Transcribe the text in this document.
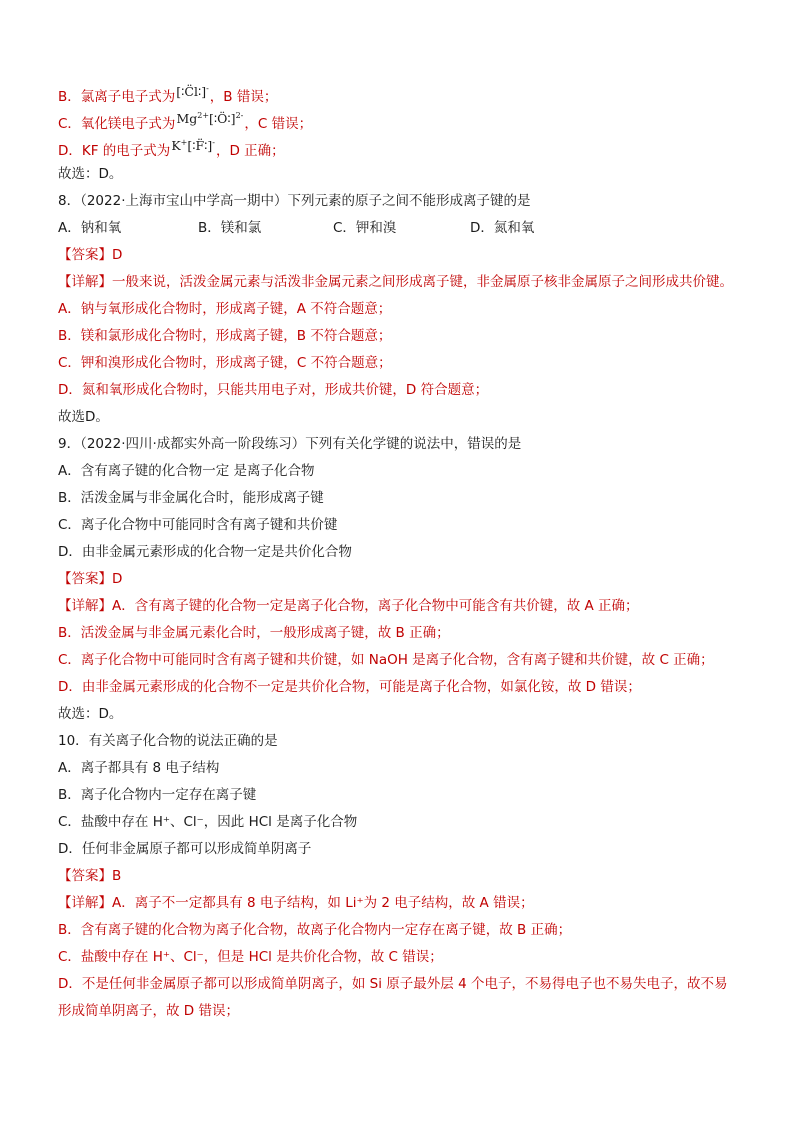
B．氯离子电子式为[∶C̈l∶]-，B 错误；
C．氧化镁电子式为$Mg^{2+}[∶Ö∶]^{2-}$，C 错误；
D．KF 的电子式为K+[∶F̈∶]-，D 正确；
故选：D。
8．（2022·上海市宝山中学高一期中）下列元素的原子之间不能形成离子键的是
A．钠和氧	B．镁和氯	C．钾和溴	D．氮和氧
【答案】D
【详解】一般来说，活泼金属元素与活泼非金属元素之间形成离子键，非金属原子核非金属原子之间形成共价键。
A．钠与氧形成化合物时，形成离子键，A 不符合题意；
B．镁和氯形成化合物时，形成离子键，B 不符合题意；
C．钾和溴形成化合物时，形成离子键，C 不符合题意；
D．氮和氧形成化合物时，只能共用电子对，形成共价键，D 符合题意；
故选D。
9．（2022·四川·成都实外高一阶段练习）下列有关化学键的说法中，错误的是
A．含有离子键的化合物一定 是离子化合物
B．活泼金属与非金属化合时，能形成离子键
C．离子化合物中可能同时含有离子键和共价键
D．由非金属元素形成的化合物一定是共价化合物
【答案】D
【详解】A．含有离子键的化合物一定是离子化合物，离子化合物中可能含有共价键，故 A 正确；
B．活泼金属与非金属元素化合时，一般形成离子键，故 B 正确；
C．离子化合物中可能同时含有离子键和共价键，如 NaOH 是离子化合物，含有离子键和共价键，故 C 正确；
D．由非金属元素形成的化合物不一定是共价化合物，可能是离子化合物，如氯化铵，故 D 错误；
故选：D。
10．有关离子化合物的说法正确的是
A．离子都具有 8 电子结构
B．离子化合物内一定存在离子键
C．盐酸中存在 H⁺、Cl⁻，因此 HCl 是离子化合物
D．任何非金属原子都可以形成简单阴离子
【答案】B
【详解】A．离子不一定都具有 8 电子结构，如 Li⁺为 2 电子结构，故 A 错误；
B．含有离子键的化合物为离子化合物，故离子化合物内一定存在离子键，故 B 正确；
C．盐酸中存在 H⁺、Cl⁻，但是 HCl 是共价化合物，故 C 错误；
D．不是任何非金属原子都可以形成简单阴离子，如 Si 原子最外层 4 个电子，不易得电子也不易失电子，故不易
形成简单阴离子，故 D 错误；
